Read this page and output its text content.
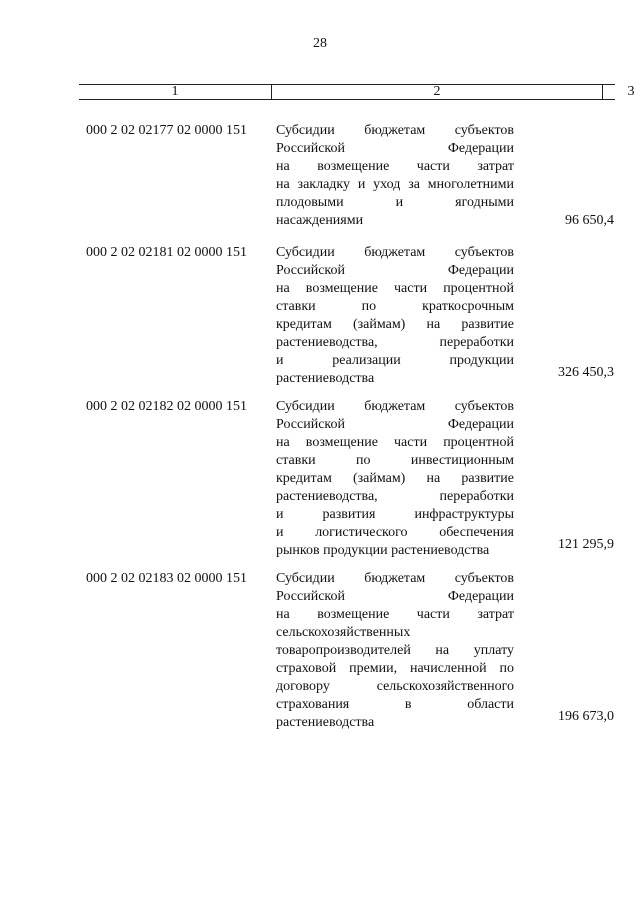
28
1	2	3
000 2 02 02177 02 0000 151 Субсидии бюджетам субъектов
Российской Федерации
на возмещение части затрат
на закладку и уход за многолетними
плодовыми и ягодными
насаждениями	96 650,4
000 2 02 02181 02 0000 151 Субсидии бюджетам субъектов
Российской Федерации
на возмещение части процентной
ставки по краткосрочным
кредитам (займам) на развитие
растениеводства, переработки
и реализации продукции
растениеводства	326 450,3
000 2 02 02182 02 0000 151 Субсидии бюджетам субъектов
Российской Федерации
на возмещение части процентной
ставки по инвестиционным
кредитам (займам) на развитие
растениеводства, переработки
и развития инфраструктуры
и логистического обеспечения
рынков продукции растениеводства	121 295,9
000 2 02 02183 02 0000 151 Субсидии бюджетам субъектов
Российской Федерации
на возмещение части затрат
сельскохозяйственных
товаропроизводителей на уплату
страховой премии, начисленной по
договору сельскохозяйственного
страхования в области
растениеводства	196 673,0
